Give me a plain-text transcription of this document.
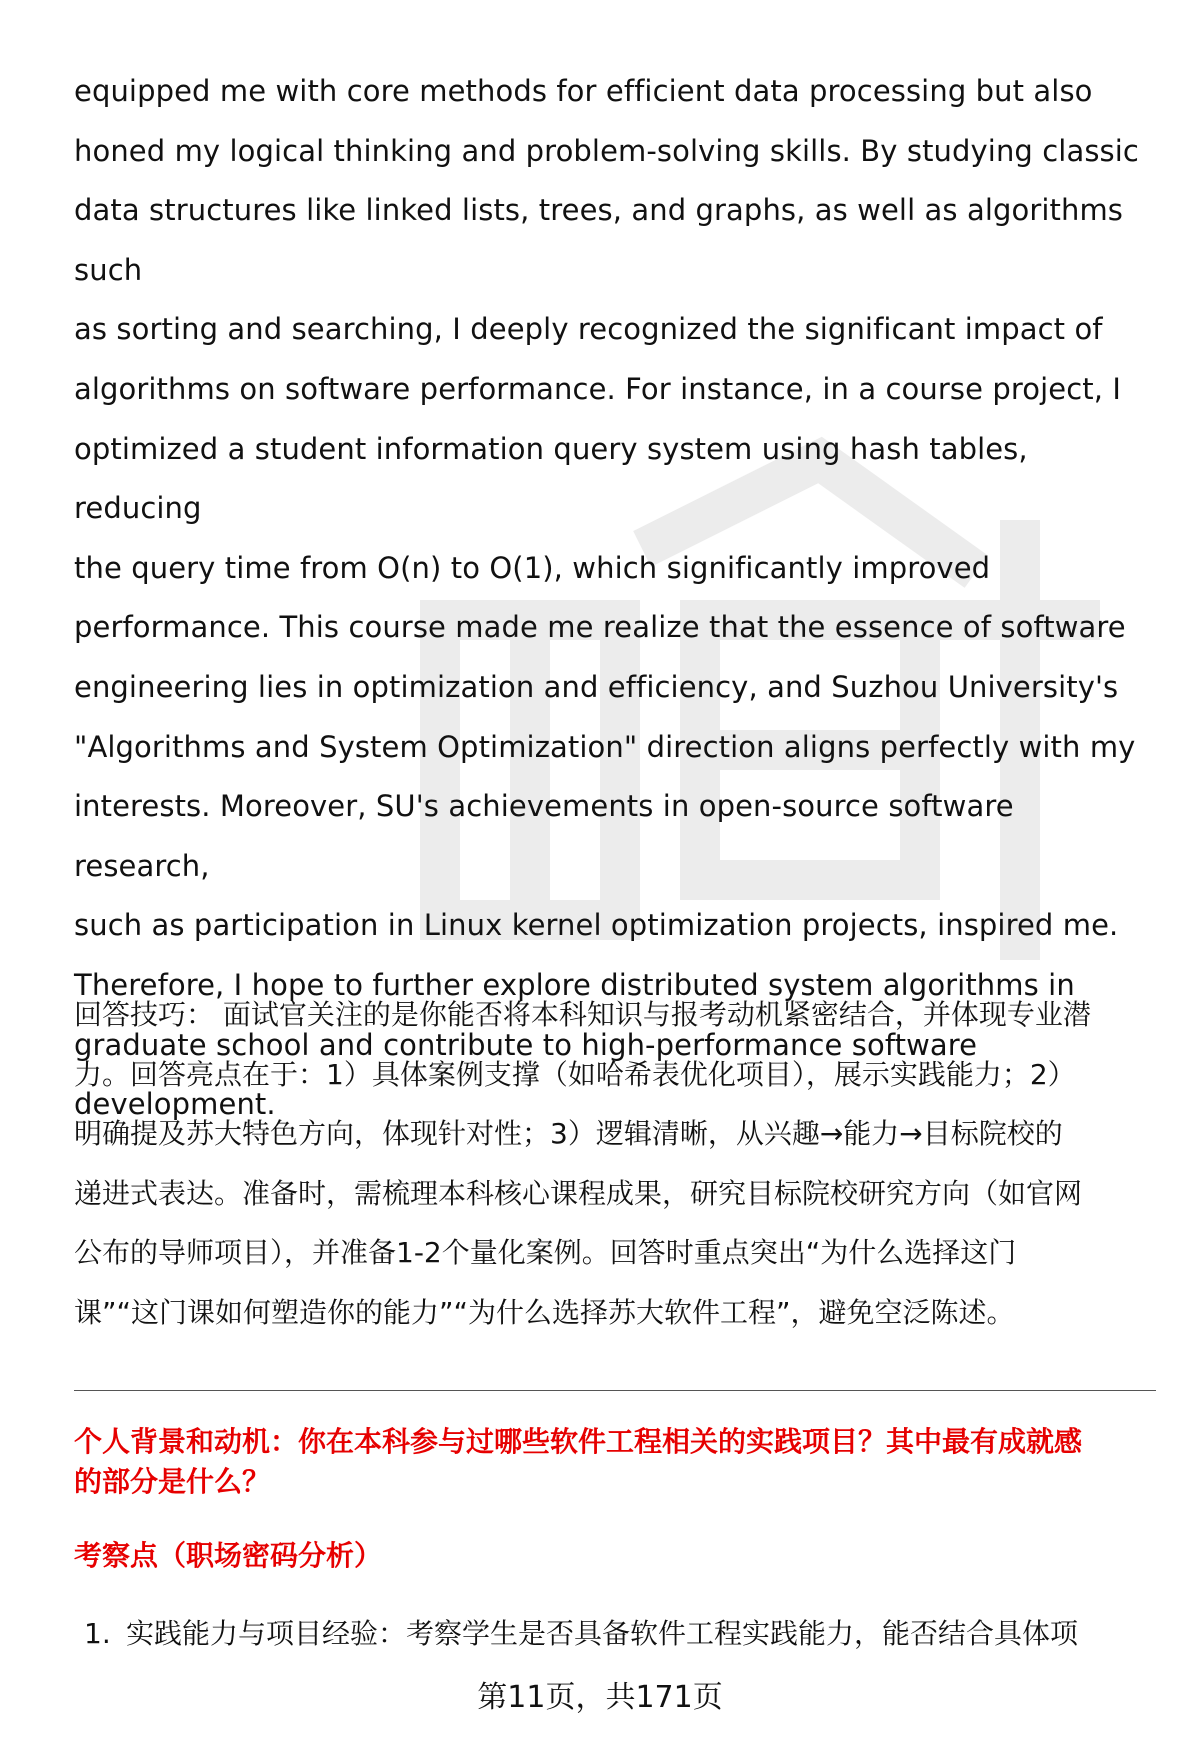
equipped me with core methods for efficient data processing but also
honed my logical thinking and problem-solving skills. By studying classic
data structures like linked lists, trees, and graphs, as well as algorithms such
as sorting and searching, I deeply recognized the significant impact of
algorithms on software performance. For instance, in a course project, I
optimized a student information query system using hash tables, reducing
the query time from O(n) to O(1), which significantly improved
performance. This course made me realize that the essence of software
engineering lies in optimization and efficiency, and Suzhou University's
"Algorithms and System Optimization" direction aligns perfectly with my
interests. Moreover, SU's achievements in open-source software research,
such as participation in Linux kernel optimization projects, inspired me.
Therefore, I hope to further explore distributed system algorithms in
graduate school and contribute to high-performance software
development.

回答技巧： 面试官关注的是你能否将本科知识与报考动机紧密结合，并体现专业潜
力。回答亮点在于：1）具体案例支撑（如哈希表优化项目），展示实践能力；2）
明确提及苏大特色方向，体现针对性；3）逻辑清晰，从兴趣→能力→目标院校的
递进式表达。准备时，需梳理本科核心课程成果，研究目标院校研究方向（如官网
公布的导师项目），并准备1-2个量化案例。回答时重点突出“为什么选择这门
课”“这门课如何塑造你的能力”“为什么选择苏大软件工程”，避免空泛陈述。

个人背景和动机：你在本科参与过哪些软件工程相关的实践项目？其中最有成就感
的部分是什么？

考察点（职场密码分析）

1. 实践能力与项目经验：考察学生是否具备软件工程实践能力，能否结合具体项
第11页，共171页
